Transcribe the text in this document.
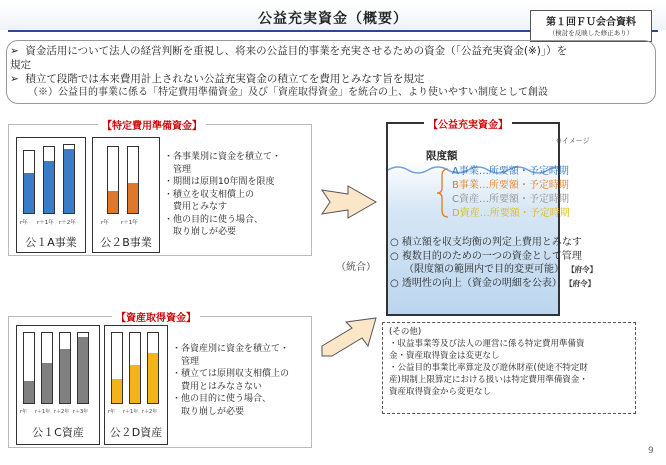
公益充実資金（概要）	第１回ＦＵ会合資料
（検討を反映した修正あり）
➢ 資金活用について法人の経営判断を重視し、将来の公益目的事業を充実させるための資金（「公益充実資金(※)」）を
規定
➢ 積立て段階では本来費用計上されない公益充実資金の積立てを費用とみなす旨を規定
（※）公益目的事業に係る「特定費用準備資金」及び「資産取得資金」を統合の上、より使いやすい制度として創設
【特定費用準備資金】
r年 r＋1年 r＋2年
公１A事業
r年 r＋1年
公２B事業
・各事業別に資金を積立て・
　管理
・期間は原則10年間を限度
・積立を収支相償上の
　費用とみなす
・他の目的に使う場合、
　取り崩しが必要
【資産取得資金】
r年 r＋1年 r＋2年 r＋3年
公１C資産
r年 r＋1年 r＋2年
公２D資産
・各資産別に資金を積立て・
　管理
・積立ては原則収支相償上の
　費用とはみなさない
・他の目的に使う場合、
　取り崩しが必要
（統合）
【公益充実資金】
※イメージ
限度額
A事業…所要額・予定時期
B事業…所要額・予定時期
C資産…所要額・予定時期
D資産…所要額・予定時期
○ 積立額を収支均衡の判定上費用とみなす
○ 複数目的のための一つの資金として管理
（限度額の範囲内で目的変更可能） 【府令】
○ 透明性の向上（資金の明細を公表） 【府令】
(その他)
・収益事業等及び法人の運営に係る特定費用準備資
金・資産取得資金は変更なし
・公益目的事業比率算定及び遊休財産(使途不特定財
産)規制上限算定における扱いは特定費用準備資金・
資産取得資金から変更なし
9
